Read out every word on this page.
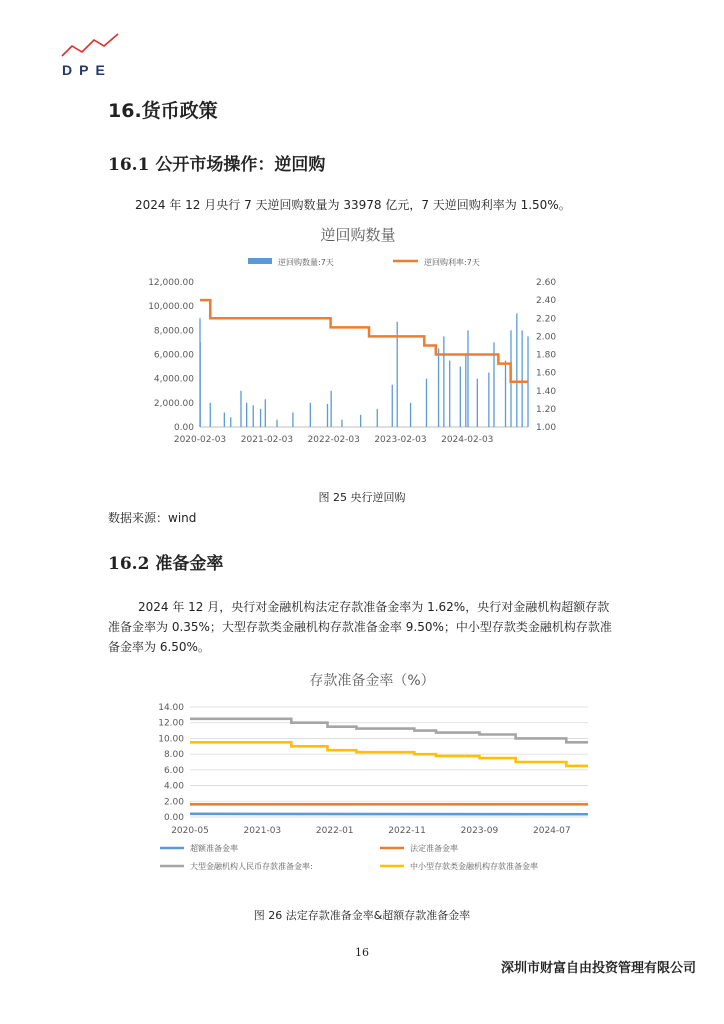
DPE
16.货币政策
16.1 公开市场操作：逆回购
2024 年 12 月央行 7 天逆回购数量为 33978 亿元，7 天逆回购利率为 1.50%。
逆回购数量
逆回购数量:7天	逆回购利率:7天
0.00
2,000.00
4,000.00
6,000.00
8,000.00
10,000.00
12,000.00
1.00
1.20
1.40
1.60
1.80
2.00
2.20
2.40
2.60
2020-02-03 2021-02-03 2022-02-03 2023-02-03 2024-02-03
图 25 央行逆回购
数据来源：wind
16.2 准备金率
2024 年 12 月，央行对金融机构法定存款准备金率为 1.62%，央行对金融机构超额存款准备金率为 0.35%；大型存款类金融机构存款准备金率 9.50%；中小型存款类金融机构存款准备金率为 6.50%。
存款准备金率（%）
0.00
2.00
4.00
6.00
8.00
10.00
12.00
14.00
2020-05	2021-03	2022-01	2022-11	2023-09	2024-07
超额准备金率	法定准备金率
大型金融机构人民币存款准备金率:	中小型存款类金融机构存款准备金率
图 26 法定存款准备金率&超额存款准备金率
16
深圳市财富自由投资管理有限公司
